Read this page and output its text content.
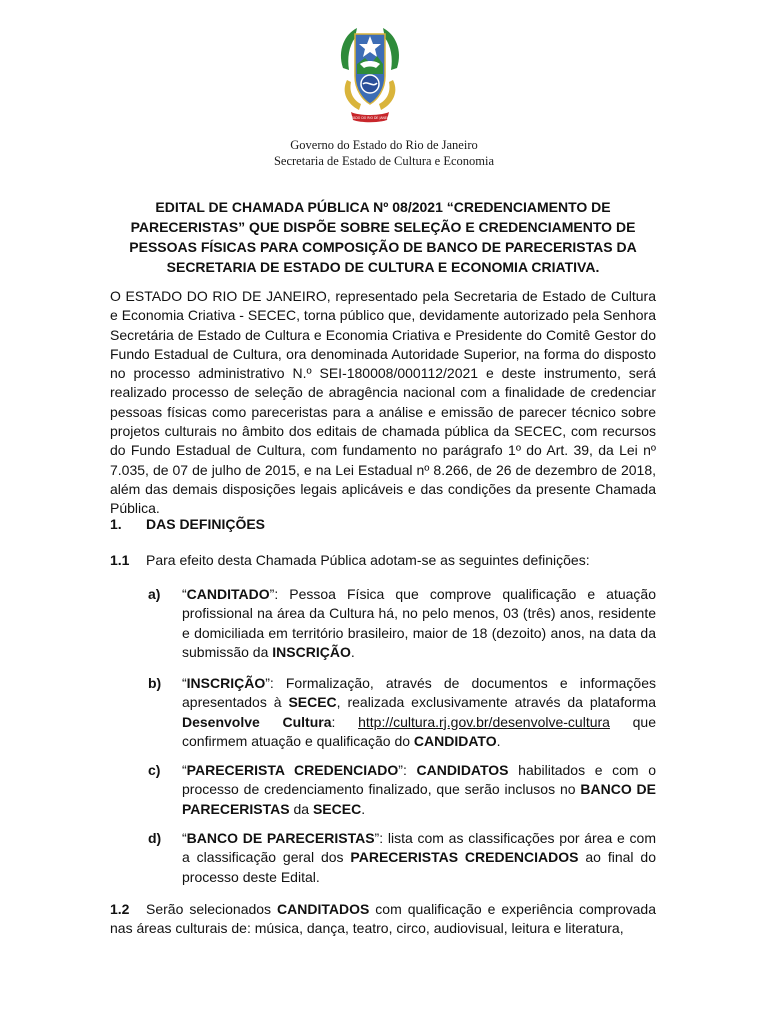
ESTADO DO RIO DE JANEIRO
Governo do Estado do Rio de Janeiro
Secretaria de Estado de Cultura e Economia

EDITAL DE CHAMADA PÚBLICA Nº 08/2021 “CREDENCIAMENTO DE PARECERISTAS” QUE DISPÕE SOBRE SELEÇÃO E CREDENCIAMENTO DE PESSOAS FÍSICAS PARA COMPOSIÇÃO DE BANCO DE PARECERISTAS DA SECRETARIA DE ESTADO DE CULTURA E ECONOMIA CRIATIVA.

O ESTADO DO RIO DE JANEIRO, representado pela Secretaria de Estado de Cultura e Economia Criativa - SECEC, torna público que, devidamente autorizado pela Senhora Secretária de Estado de Cultura e Economia Criativa e Presidente do Comitê Gestor do Fundo Estadual de Cultura, ora denominada Autoridade Superior, na forma do disposto no processo administrativo N.º SEI-180008/000112/2021 e deste instrumento, será realizado processo de seleção de abragência nacional com a finalidade de credenciar pessoas físicas como pareceristas para a análise e emissão de parecer técnico sobre projetos culturais no âmbito dos editais de chamada pública da SECEC, com recursos do Fundo Estadual de Cultura, com fundamento no parágrafo 1º do Art. 39, da Lei nº 7.035, de 07 de julho de 2015, e na Lei Estadual nº 8.266, de 26 de dezembro de 2018, além das demais disposições legais aplicáveis e das condições da presente Chamada Pública.

1. DAS DEFINIÇÕES

1.1 Para efeito desta Chamada Pública adotam-se as seguintes definições:

a)	“CANDITADO”: Pessoa Física que comprove qualificação e atuação profissional na área da Cultura há, no pelo menos, 03 (três) anos, residente e domiciliada em território brasileiro, maior de 18 (dezoito) anos, na data da submissão da INSCRIÇÃO.

b)	“INSCRIÇÃO”: Formalização, através de documentos e informações apresentados à SECEC, realizada exclusivamente através da plataforma Desenvolve Cultura: http://cultura.rj.gov.br/desenvolve-cultura que confirmem atuação e qualificação do CANDIDATO.

c)	“PARECERISTA CREDENCIADO”: CANDIDATOS habilitados e com o processo de credenciamento finalizado, que serão inclusos no BANCO DE PARECERISTAS da SECEC.

d)	“BANCO DE PARECERISTAS”: lista com as classificações por área e com a classificação geral dos PARECERISTAS CREDENCIADOS ao final do processo deste Edital.

1.2 Serão selecionados CANDITADOS com qualificação e experiência comprovada nas áreas culturais de: música, dança, teatro, circo, audiovisual, leitura e literatura,
